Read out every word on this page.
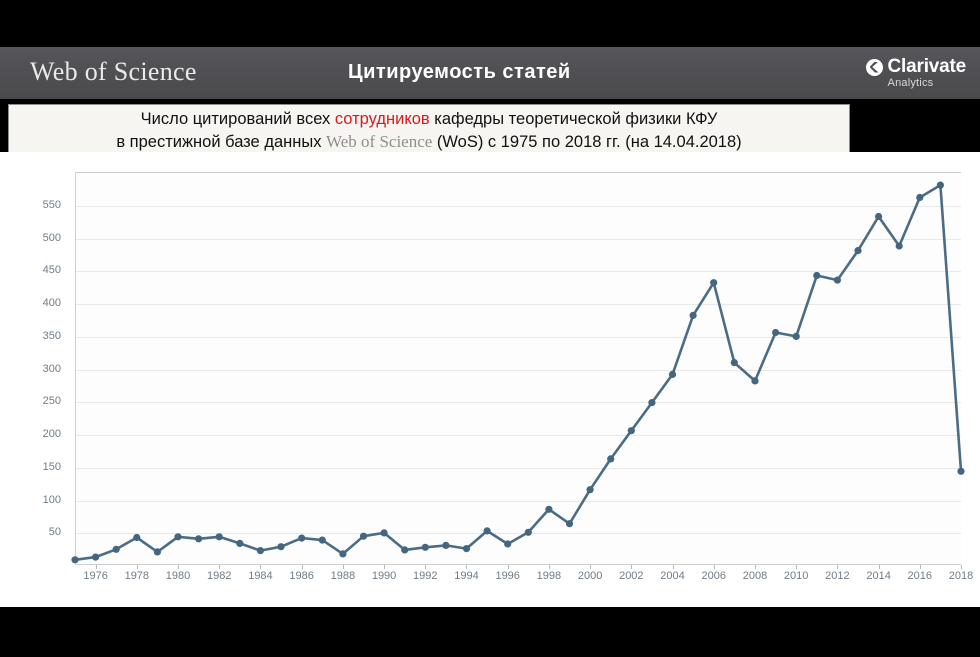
Web of Science	Цитируемость статей	Clarivate
Analytics
Число цитирований всех сотрудников кафедры теоретической физики КФУ
в престижной базе данных Web of Science (WoS) с 1975 по 2018 гг. (на 14.04.2018)
50
100
150
200
250
300
350
400
450
500
550
1976 1978 1980 1982 1984 1986 1988 1990 1992 1994 1996 1998 2000 2002 2004 2006 2008 2010 2012 2014 2016 2018
